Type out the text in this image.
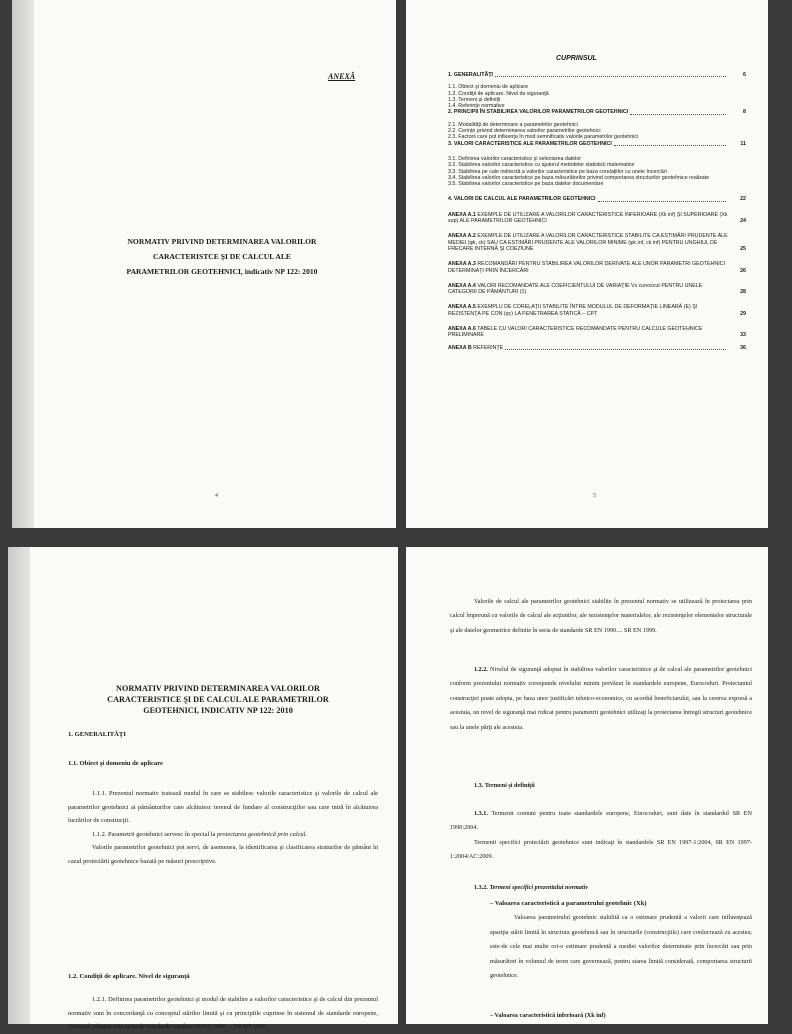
ANEXĂ
NORMATIV PRIVIND DETERMINAREA VALORILOR
CARACTERISTCE ŞI DE CALCUL ALE
PARAMETRILOR GEOTEHNICI, indicativ NP 122: 2010
4
CUPRINSUL
1. GENERALITĂŢI	6
1.1. Obiect şi domeniu de aplicare
1.2. Condiţii de aplicare. Nivel de siguranţă
1.3. Termeni şi definiţii
1.4. Referinţe normative
2. PRINCIPII ÎN STABILIREA VALORILOR PARAMETRILOR GEOTEHNICI	8
2.1. Modalităţi de determinare a parametrilor geotehnici
2.2. Cerinţe privind determinarea valorilor parametrilor geotehnici
2.3. Factorii care pot influenţa în mod semnificativ valorile parametrilor geotehnici
3. VALORI CARACTERISTICE ALE PARAMETRILOR GEOTEHNICI	11
3.1. Definirea valorilor caracteristice şi selectarea datelor
3.2. Stabilirea valorilor caracteristice cu ajutorul metodelor statisticii matematice
3.3. Stabilirea pe cale indirectă a valorilor caracteristice pe baza corelaţiilor cu unele încercări
3.4. Stabilirea valorilor caracteristice pe baza măsurătorilor privind comportarea structurilor geotehnice realizate
3.5. Stabilirea valorilor caracteristice pe baza datelor documentare
4. VALORI DE CALCUL ALE PARAMETRILOR GEOTEHNICI	22
ANEXA A.1 EXEMPLE DE UTILIZARE A VALORILOR CARACTERISTICE INFERIOARE (Xk inf) ŞI SUPERIOARE (Xk sup) ALE PARAMETRILOR GEOTEHNICI	24
ANEXA A.2 EXEMPLE DE UTILIZARE A VALORILOR CARACTERISTICE STABILITE CA ESTIMĂRI PRUDENTE ALE MEDIEI (φk, ck) SAU CA ESTIMĂRI PRUDENTE ALE VALORILOR MINIME (φk inf, ck inf) PENTRU UNGHIUL DE FRECARE INTERNĂ ŞI COEZIUNE	25
ANEXA A.3 RECOMANDĂRI PENTRU STABILIREA VALORILOR DERIVATE ALE UNOR PARAMETRI GEOTEHNICI DETERMINAŢI PRIN ÎNCERCĂRI	26
ANEXA A.4 VALORI RECOMANDATE ALE COEFICIENTULUI DE VARIAŢIE Vx cunoscut PENTRU UNELE CATEGORII DE PĂMÂNTURI (1)	28
ANEXA A.5 EXEMPLU DE CORELAŢII STABILITE ÎNTRE MODULUL DE DEFORMAŢIE LINEARĂ (E) ŞI REZISTENŢA PE CON (qc) LA PENETRAREA STATICĂ – CPT	29
ANEXA A.6 TABELE CU VALORI CARACTERISTICE RECOMANDATE PENTRU CALCULE GEOTEHNICE PRELIMINARE	33
ANEXA B REFERINŢE	36
5
NORMATIV PRIVIND DETERMINAREA VALORILOR
CARACTERISTICE ŞI DE CALCUL ALE PARAMETRILOR
GEOTEHNICI, INDICATIV NP 122: 2010
1. GENERALITĂŢI
1.1. Obiect şi domeniu de aplicare

1.1.1. Prezentul normativ tratează modul în care se stabilesc valorile caracteristice şi valorile de calcul ale parametrilor geotehnici ai pământurilor care alcătuiesc terenul de fundare al construcţiilor sau care intră în alcătuirea lucrărilor de construcţii.

1.1.2. Parametrii geotehnici servesc în special la proiectarea geotehnică prin calcul.

Valorile parametrilor geotehnici pot servi, de asemenea, la identificarea şi clasificarea straturilor de pământ în cazul proiectării geotehnice bazată pe măsuri prescriptive.

1.2. Condiţii de aplicare. Nivel de siguranţă

1.2.1. Definirea parametrilor geotehnici şi modul de stabilire a valorilor caracteristice şi de calcul din prezentul normativ sunt în concordanţă cu conceptul stărilor limită şi cu principiile cuprinse în sistemul de standarde europene, Eurocod, adoptat prin seria de standarde române SR EN 1990 ... SR EN 1999.

Valorile de calcul ale parametrilor geotehnici stabilite în prezentul normativ se utilizează în proiectarea prin calcul împreună cu valorile de calcul ale acţiunilor, ale rezistenţelor materialelor, ale rezistenţelor elementelor structurale şi ale datelor geometrice definite în seria de standarde SR EN 1990.... SR EN 1999.

1.2.2. Nivelul de siguranţă adoptat în stabilirea valorilor caracteristice şi de calcul ale parametrilor geotehnici conform prezentului normativ corespunde nivelului minim prevăzut în standardele europene, Eurocoduri. Proiectantul construcţiei poate adopta, pe baza unor justificări tehnico-economice, cu acordul beneficiarului, sau la cererea expresă a acestuia, un nivel de siguranţă mai ridicat pentru parametrii geotehnici utilizaţi la proiectarea întregii structuri geotehnice sau la unele părţi ale acesteia.

1.3. Termeni şi definiţii

1.3.1. Termenii comuni pentru toate standardele europene, Eurocoduri, sunt date în standardul SR EN 1990:2004.

Termenii specifici proiectării geotehnice sunt indicaţi în standardele SR EN 1997-1:2004, SR EN 1997-1:2004/AC:2009.

1.3.2. Termeni specifici prezentului normativ
– Valoarea caracteristică a parametrului geotehnic (Xk)

Valoarea parametrului geotehnic stabilită ca o estimare prudentă a valorii care influenţează apariţia stării limită în structura geotehnică sau în structurile (construcţiile) care conlucrează cu acesteа; este-de cele mai multe ori-o estimare prudentă a mediei valorilor determinate prin încercări sau prin măsurători în volumul de teren care guvernează, pentru starea limită considerată, comportarea structurii geotehnice.

– Valoarea caracteristică inferioară (Xk inf)
